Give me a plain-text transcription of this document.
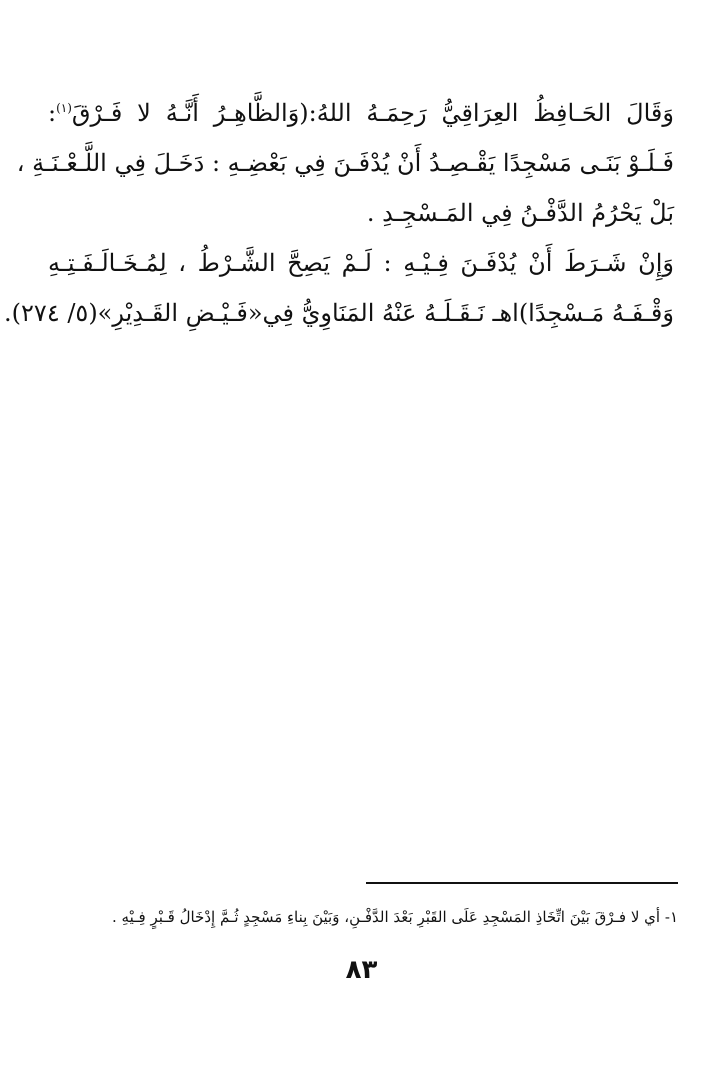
وَقَالَ الحَـافِظُ العِرَاقِيُّ رَحِمَـهُ اللهُ:(وَالظَّاهِـرُ أَنَّـهُ لا فَـرْقَ$^{(١)}$:
فَـلَـوْ بَنَـى مَسْجِدًا يَقْـصِـدُ أَنْ يُدْفَـنَ فِي بَعْضِـهِ : دَخَـلَ فِي اللَّـعْـنَـةِ ،
بَلْ يَحْرُمُ الدَّفْـنُ فِي المَـسْجِـدِ .
وَإِنْ شَـرَطَ أَنْ يُدْفَـنَ فِـيْـهِ : لَـمْ يَصِحَّ الشَّـرْطُ ، لِمُـخَـالَـفَـتِـهِ
وَقْـفَـهُ مَـسْجِدًا)اهـ نَـقَـلَـهُ عَنْهُ المَنَاوِيُّ فِي«فَـيْـضِ القَـدِيْرِ»(٥/ ٢٧٤).
١- أي لا فـرْقَ بَيْنَ اتِّخَاذِ المَسْجِدِ عَلَى القَبْرِ بَعْدَ الدَّفْـنِ، وَبَيْنَ بِناءِ مَسْجِدٍ ثُـمَّ إِدْخَالُ قَـبْرٍ فِـيْهِ .
٨٣
